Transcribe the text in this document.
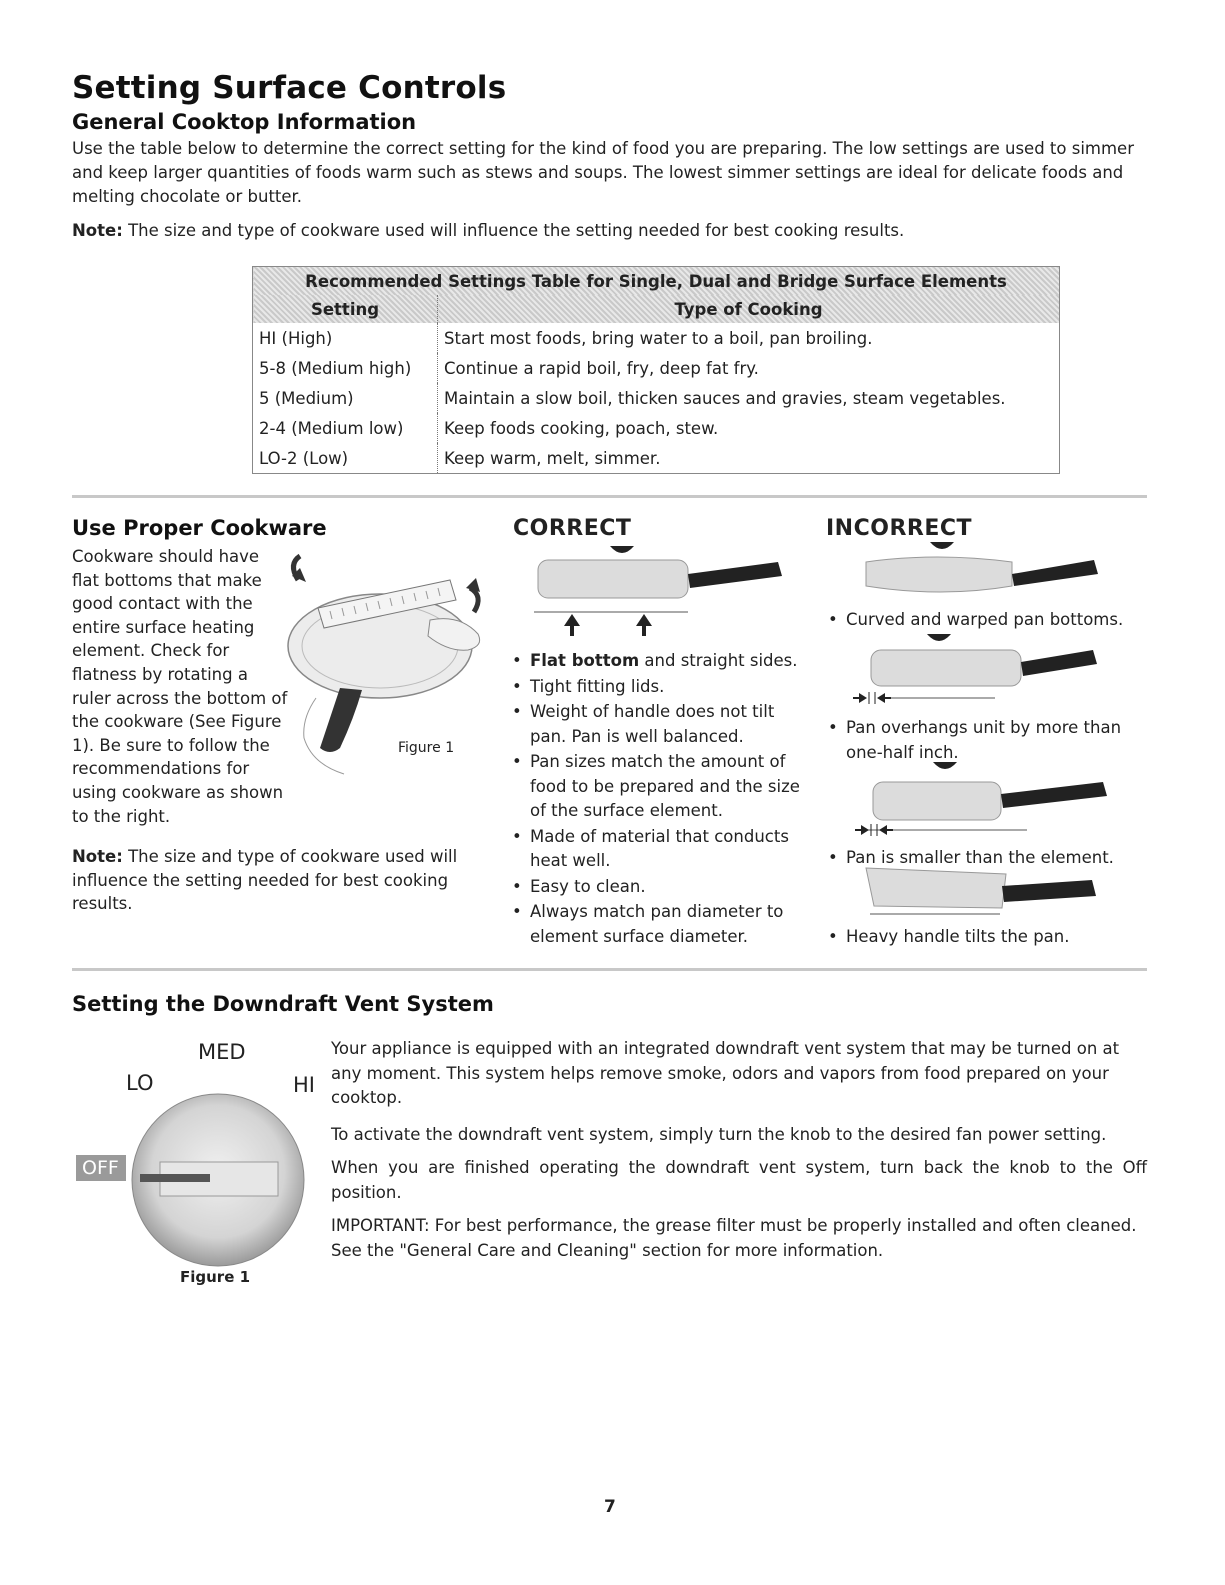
Setting Surface Controls
General Cooktop Information

Use the table below to determine the correct setting for the kind of food you are preparing. The low settings are used to simmer and keep larger quantities of foods warm such as stews and soups. The lowest simmer settings are ideal for delicate foods and melting chocolate or butter.

Note: The size and type of cookware used will influence the setting needed for best cooking results.

Recommended Settings Table for Single, Dual and Bridge Surface Elements	
Setting	Type of Cooking
HI (High)	Start most foods, bring water to a boil, pan broiling.
5-8 (Medium high)	Continue a rapid boil, fry, deep fat fry.
5 (Medium)	Maintain a slow boil, thicken sauces and gravies, steam vegetables.
2-4 (Medium low)	Keep foods cooking, poach, stew.
LO-2 (Low)	Keep warm, melt, simmer.
Use Proper Cookware
Cookware should have
flat bottoms that make
good contact with the
entire surface heating
element. Check for
flatness by rotating a
ruler across the bottom of
the cookware (See Figure
1). Be sure to follow the
recommendations for
using cookware as shown
to the right.
Figure 1
Note: The size and type of cookware used will
influence the setting needed for best cooking
results.
CORRECT
• Flat bottom and straight sides.
• Tight fitting lids.
• Weight of handle does not tilt pan. Pan is well balanced.
• Pan sizes match the amount of food to be prepared and the size of the surface element.
• Made of material that conducts heat well.
• Easy to clean.
• Always match pan diameter to element surface diameter.
INCORRECT
• Curved and warped pan bottoms.
• Pan overhangs unit by more than one-half inch.
• Pan is smaller than the element.
• Heavy handle tilts the pan.
Setting the Downdraft Vent System
MED
LO	HI
OFF
Figure 1

Your appliance is equipped with an integrated downdraft vent system that may be turned on at any moment. This system helps remove smoke, odors and vapors from food prepared on your cooktop.

To activate the downdraft vent system, simply turn the knob to the desired fan power setting.

When you are finished operating the downdraft vent system, turn back the knob to the Off position.

IMPORTANT: For best performance, the grease filter must be properly installed and often cleaned. See the "General Care and Cleaning" section for more information.

7
